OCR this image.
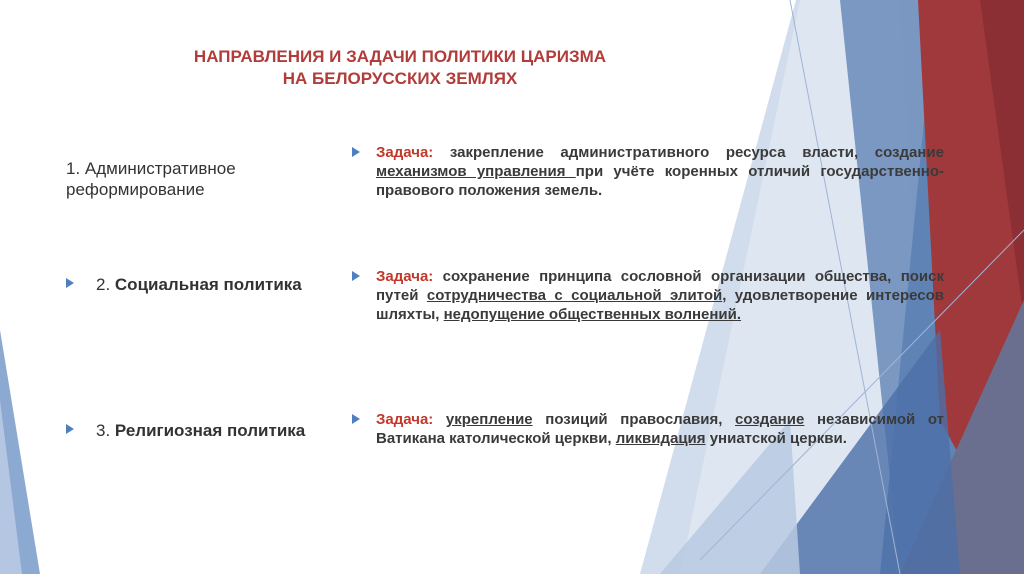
НАПРАВЛЕНИЯ И ЗАДАЧИ ПОЛИТИКИ ЦАРИЗМА
НА БЕЛОРУССКИХ ЗЕМЛЯХ
1. Административное реформирование
2. Социальная политика
3. Религиозная политика
Задача: закрепление административного ресурса власти, создание механизмов управления при учёте коренных отличий государственно-правового положения земель.
Задача: сохранение принципа сословной организации общества, поиск путей сотрудничества с социальной элитой, удовлетворение интересов шляхты, недопущение общественных волнений.
Задача: укрепление позиций православия, создание независимой от Ватикана католической церкви, ликвидация униатской церкви.
